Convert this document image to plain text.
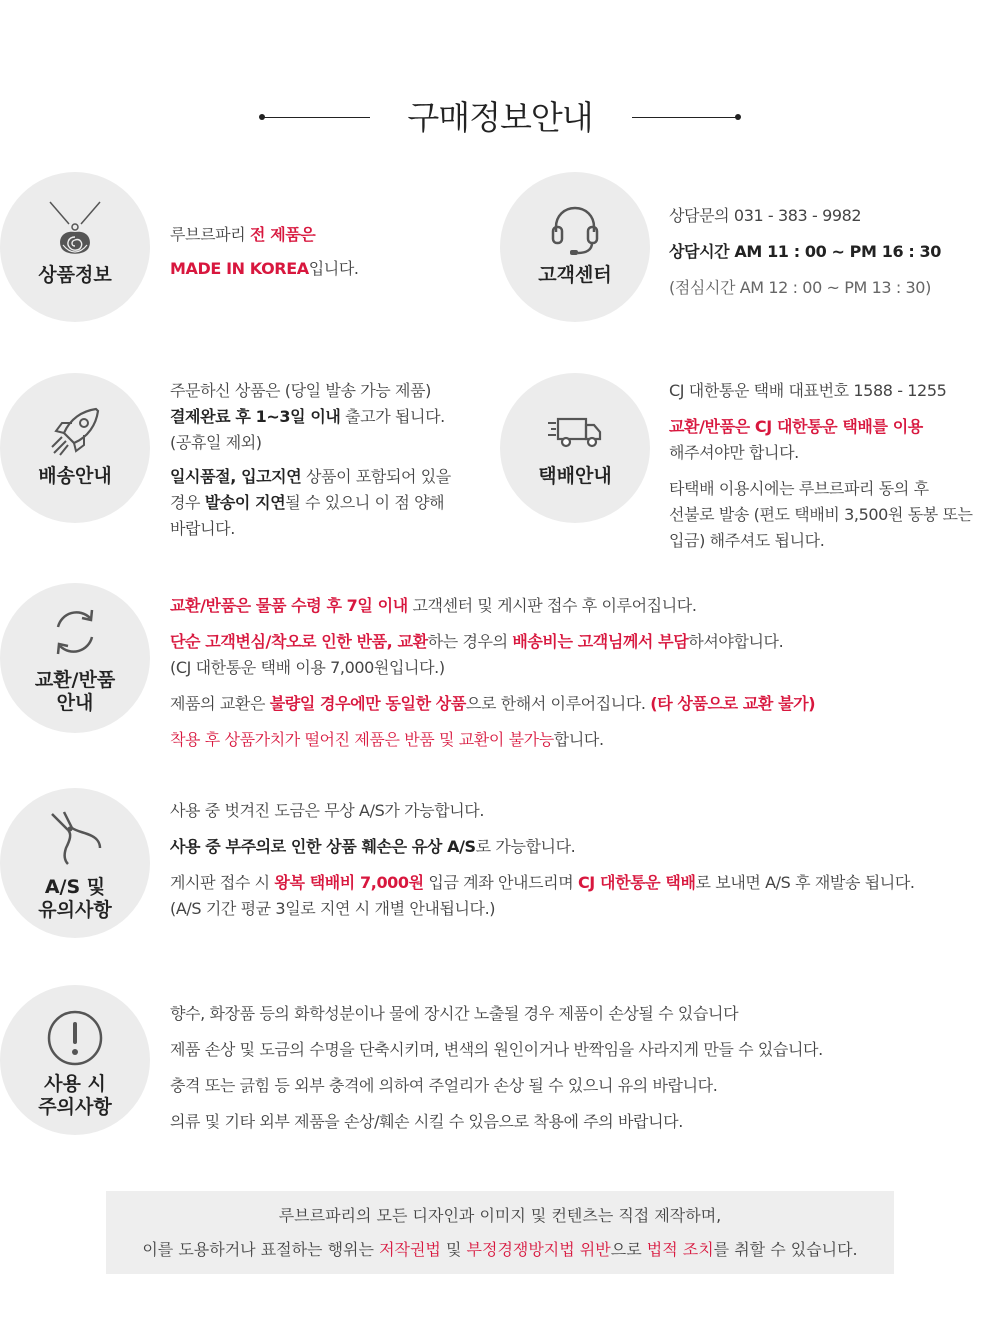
구매정보안내
상품정보

루브르파리 전 제품은

MADE IN KOREA입니다.	고객센터

상담문의 031 - 383 - 9982

상담시간 AM 11 : 00 ~ PM 16 : 30

(점심시간 AM 12 : 00 ~ PM 13 : 30)

배송안내

주문하신 상품은 (당일 발송 가능 제품)

결제완료 후 1~3일 이내 출고가 됩니다.

(공휴일 제외)

일시품절, 입고지연 상품이 포함되어 있을

경우 발송이 지연될 수 있으니 이 점 양해

바랍니다.

택배안내

CJ 대한통운 택배 대표번호 1588 - 1255

교환/반품은 CJ 대한통운 택배를 이용

해주셔야만 합니다.

타택배 이용시에는 루브르파리 동의 후

선불로 발송 (편도 택배비 3,500원 동봉 또는

입금) 해주셔도 됩니다.

교환/반품
안내

교환/반품은 물품 수령 후 7일 이내 고객센터 및 게시판 접수 후 이루어집니다.

단순 고객변심/착오로 인한 반품, 교환하는 경우의 배송비는 고객님께서 부담하셔야합니다.

(CJ 대한통운 택배 이용 7,000원입니다.)

제품의 교환은 불량일 경우에만 동일한 상품으로 한해서 이루어집니다. (타 상품으로 교환 불가)

착용 후 상품가치가 떨어진 제품은 반품 및 교환이 불가능합니다.

A/S 및
유의사항

사용 중 벗겨진 도금은 무상 A/S가 가능합니다.

사용 중 부주의로 인한 상품 훼손은 유상 A/S로 가능합니다.

게시판 접수 시 왕복 택배비 7,000원 입금 계좌 안내드리며 CJ 대한통운 택배로 보내면 A/S 후 재발송 됩니다.

(A/S 기간 평균 3일로 지연 시 개별 안내됩니다.)

사용 시
주의사항

향수, 화장품 등의 화학성분이나 물에 장시간 노출될 경우 제품이 손상될 수 있습니다

제품 손상 및 도금의 수명을 단축시키며, 변색의 원인이거나 반짝임을 사라지게 만들 수 있습니다.

충격 또는 긁힘 등 외부 충격에 의하여 주얼리가 손상 될 수 있으니 유의 바랍니다.

의류 및 기타 외부 제품을 손상/훼손 시킬 수 있음으로 착용에 주의 바랍니다.

루브르파리의 모든 디자인과 이미지 및 컨텐츠는 직접 제작하며,

이를 도용하거나 표절하는 행위는 저작권법 및 부정경쟁방지법 위반으로 법적 조치를 취할 수 있습니다.
